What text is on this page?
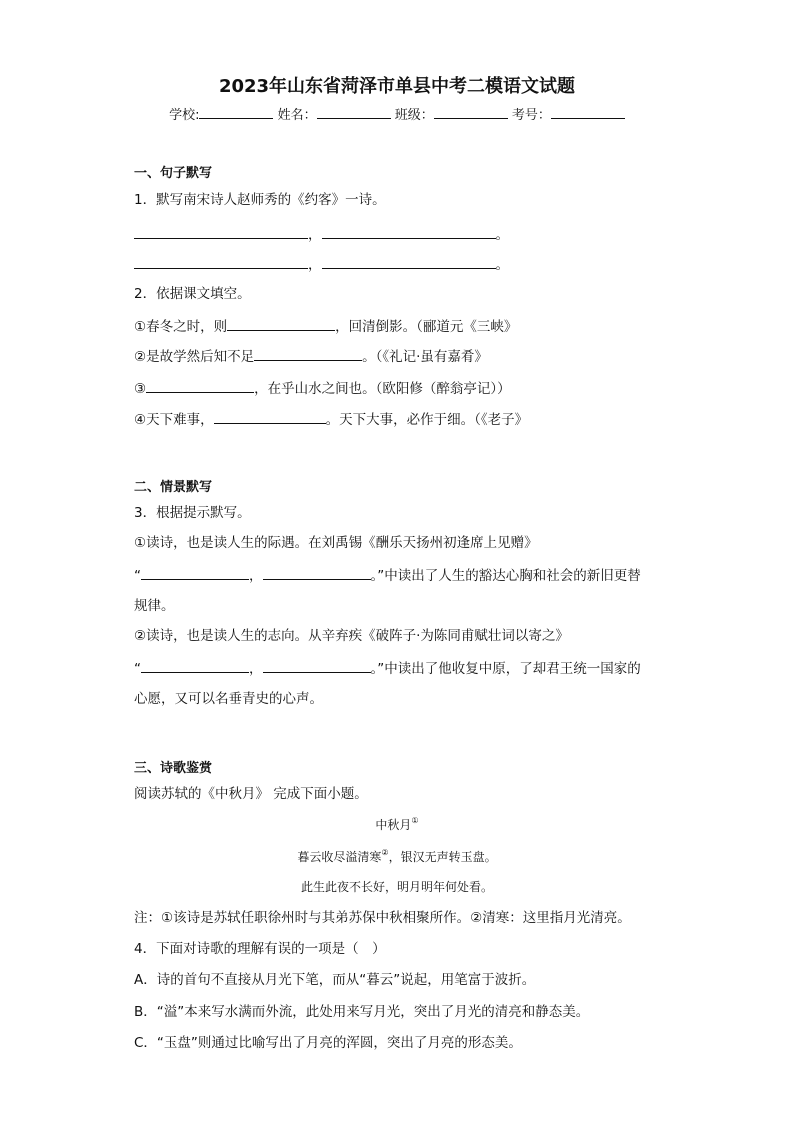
2023年山东省菏泽市单县中考二模语文试题
学校:	姓名：	班级：	考号：
一、句子默写
1．默写南宋诗人赵师秀的《约客》一诗。
，	。
，	。
2．依据课文填空。
①春冬之时，则	，回清倒影。（郦道元《三峡》
②是故学然后知不足	。（《礼记·虽有嘉肴》
③	，在乎山水之间也。（欧阳修（醉翁亭记））
④天下难事，	。天下大事，必作于细。（《老子》
二、情景默写
3．根据提示默写。
①读诗，也是读人生的际遇。在刘禹锡《酬乐天扬州初逢席上见赠》
“	，	。”中读出了人生的豁达心胸和社会的新旧更替
规律。
②读诗，也是读人生的志向。从辛弃疾《破阵子·为陈同甫赋壮词以寄之》
“	，	。”中读出了他收复中原，了却君王统一国家的
心愿，又可以名垂青史的心声。
三、诗歌鉴赏
阅读苏轼的《中秋月》 完成下面小题。
中秋月①
暮云收尽溢清寒②，银汉无声转玉盘。
此生此夜不长好，明月明年何处看。
注：①该诗是苏轼任职徐州时与其弟苏保中秋相聚所作。②清寒：这里指月光清亮。
4．下面对诗歌的理解有误的一项是（　）
A．诗的首句不直接从月光下笔，而从“暮云”说起，用笔富于波折。
B．“溢”本来写水满而外流，此处用来写月光，突出了月光的清亮和静态美。
C．“玉盘”则通过比喻写出了月亮的浑圆，突出了月亮的形态美。
